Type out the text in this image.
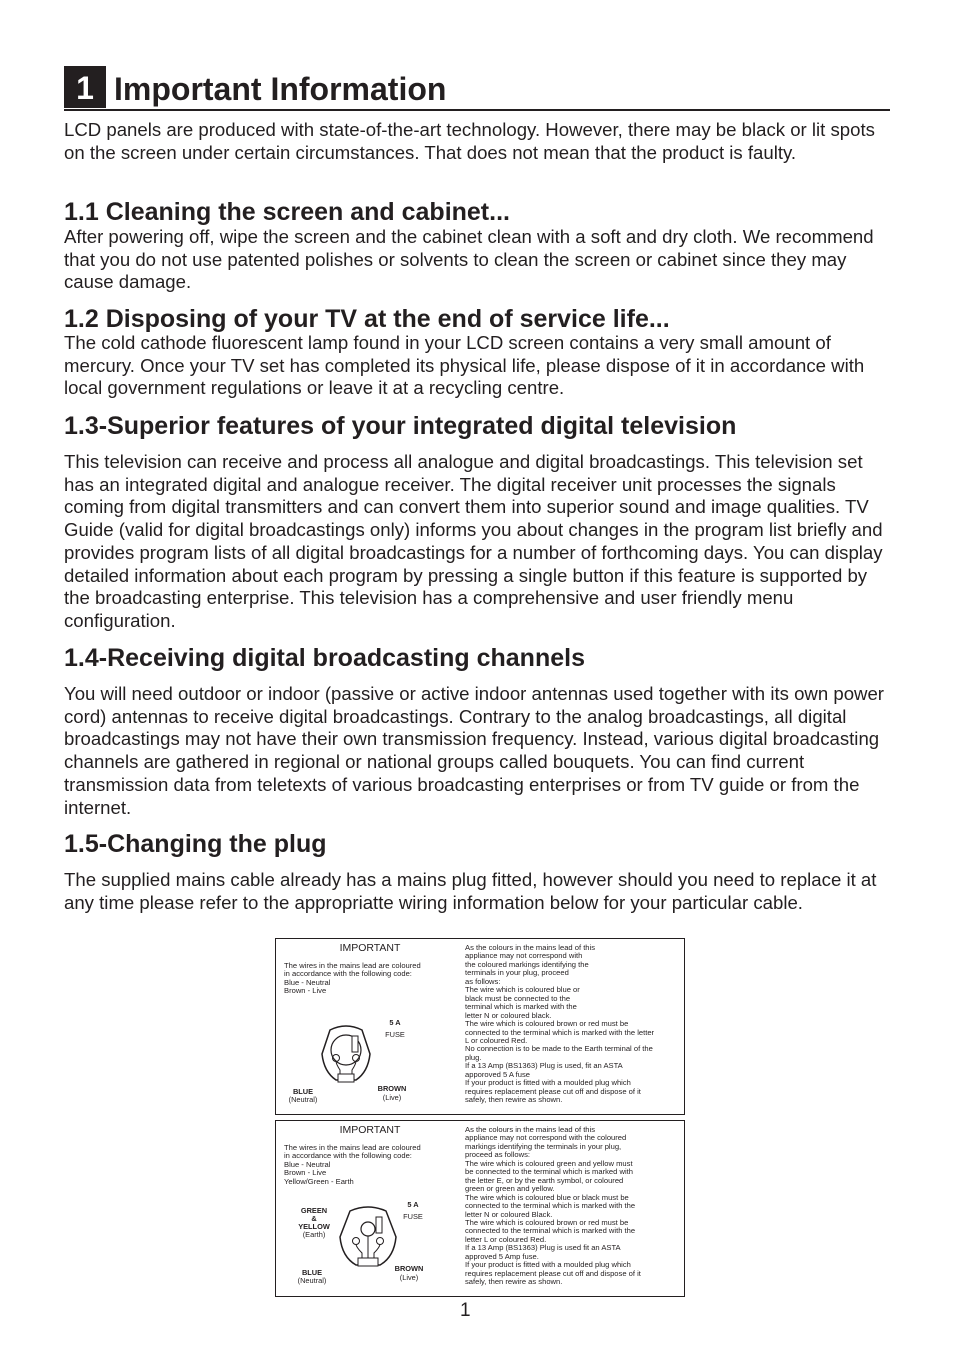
1 Important Information

LCD panels are produced with state-of-the-art technology. However, there may be black or lit spots on the screen under certain circumstances. That does not mean that the product is faulty.

1.1 Cleaning the screen and cabinet...

After powering off, wipe the screen and the cabinet clean with a soft and dry cloth. We recommend that you do not use patented polishes or solvents to clean the screen or cabinet since they may cause damage.

1.2 Disposing of your TV at the end of service life...

The cold cathode fluorescent lamp found in your LCD screen contains a very small amount of mercury. Once your TV set has completed its physical life, please dispose of it in accordance with local government regulations or leave it at a recycling centre.

1.3-Superior features of your integrated digital television

This television can receive and process all analogue and digital broadcastings. This television set has an integrated digital and analogue receiver. The digital receiver unit processes the signals coming from digital transmitters and can convert them into superior sound and image qualities. TV Guide (valid for digital broadcastings only) informs you about changes in the program list briefly and provides program lists of all digital broadcastings for a number of forthcoming days. You can display detailed information about each program by pressing a single button if this feature is supported by the broadcasting enterprise. This television has a comprehensive and user friendly menu configuration.

1.4-Receiving digital broadcasting channels

You will need outdoor or indoor (passive or active indoor antennas used together with its own power cord) antennas to receive digital broadcastings. Contrary to the analog broadcastings, all digital broadcastings may not have their own transmission frequency. Instead, various digital broadcasting channels are gathered in regional or national groups called bouquets. You can find current transmission data from teletexts of various broadcasting enterprises or from TV guide or from the internet.

1.5-Changing the plug

The supplied mains cable already has a mains plug fitted, however should you need to replace it at any time please refer to the appropriatte wiring information below for your particular cable.

IMPORTANT
The wires in the mains lead are coloured
in accordance with the following code:
Blue - Neutral
Brown - Live
5 A
FUSE
BLUE
(Neutral)
BROWN
(Live)
As the colours in the mains lead of this
appliance may not correspond with
the coloured markings identifying the
terminals in your plug, proceed
as follows:
The wire which is coloured blue or
black must be connected to the
terminal which is marked with the
letter N or coloured black.
The wire which is coloured brown or red must be
connected to the terminal which is marked with the letter
L or coloured Red.
No connection is to be made to the Earth terminal of the
plug.
If a 13 Amp (BS1363) Plug is used, fit an ASTA
apporoved 5 A fuse
If your product is fitted with a moulded plug which
requires replacement please cut off and dispose of it
safely, then rewire as shown.
IMPORTANT
The wires in the mains lead are coloured
in accordance with the following code:
Blue - Neutral
Brown - Live
Yellow/Green - Earth
5 A
FUSE
GREEN
&
YELLOW
(Earth)
BLUE
(Neutral)
BROWN
(Live)
As the colours in the mains lead of this
appliance may not correspond with the coloured
markings identifying the terminals in your plug,
proceed as follows:
The wire which is coloured green and yellow must
be connected to the terminal which is marked with
the letter E, or by the earth symbol, or coloured
green or green and yellow.
The wire which is coloured blue or black must be
connected to the terminal which is marked with the
letter N or coloured Black.
The wire which is coloured brown or red must be
connected to the terminal which is marked with the
letter L or coloured Red.
If a 13 Amp (BS1363) Plug is used fit an ASTA
approved 5 Amp fuse.
If your product is fitted with a moulded plug which
requires replacement please cut off and dispose of it
safely, then rewire as shown.
1
